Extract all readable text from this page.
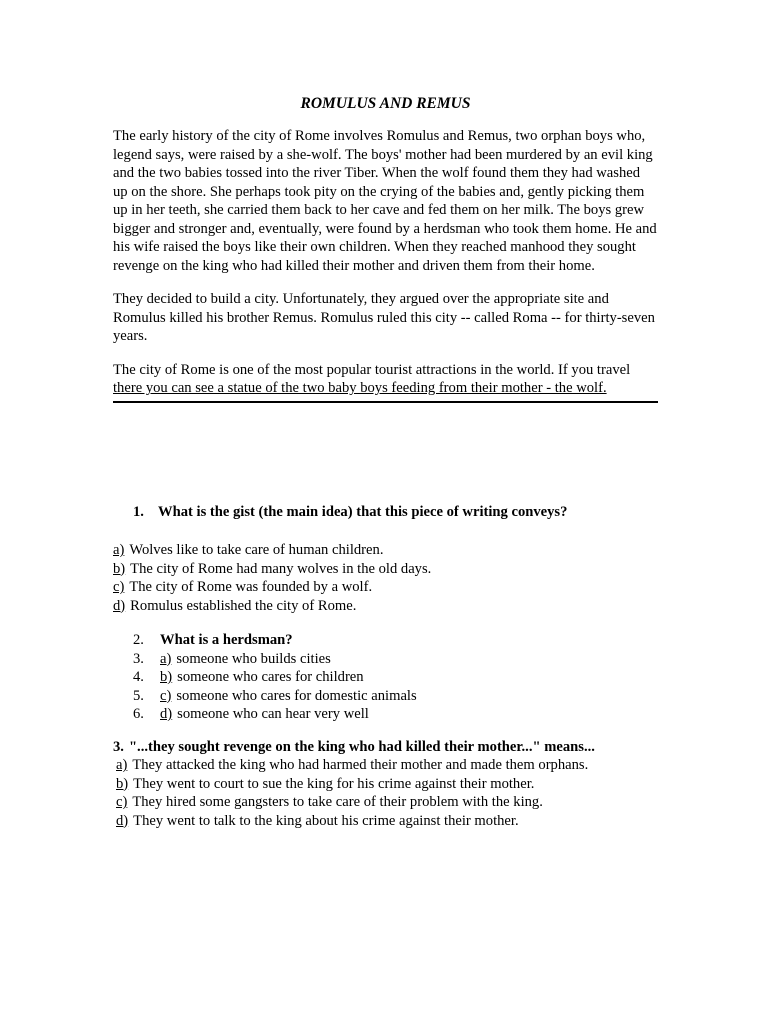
ROMULUS AND REMUS

The early history of the city of Rome involves Romulus and Remus, two orphan boys who, legend says, were raised by a she-wolf. The boys' mother had been murdered by an evil king and the two babies tossed into the river Tiber. When the wolf found them they had washed up on the shore. She perhaps took pity on the crying of the babies and, gently picking them up in her teeth, she carried them back to her cave and fed them on her milk. The boys grew bigger and stronger and, eventually, were found by a herdsman who took them home. He and his wife raised the boys like their own children. When they reached manhood they sought revenge on the king who had killed their mother and driven them from their home.

They decided to build a city. Unfortunately, they argued over the appropriate site and Romulus killed his brother Remus. Romulus ruled this city -- called Roma -- for thirty-seven years.

The city of Rome is one of the most popular tourist attractions in the world. If you travel there you can see a statue of the two baby boys feeding from their mother - the wolf.

1. What is the gist (the main idea) that this piece of writing conveys?
a) Wolves like to take care of human children.
b) The city of Rome had many wolves in the old days.
c) The city of Rome was founded by a wolf.
d) Romulus established the city of Rome.
2.	What is a herdsman?
3.	a) someone who builds cities
4.	b) someone who cares for children
5.	c) someone who cares for domestic animals
6.	d) someone who can hear very well
3. "...they sought revenge on the king who had killed their mother..." means...
a) They attacked the king who had harmed their mother and made them orphans.
b) They went to court to sue the king for his crime against their mother.
c) They hired some gangsters to take care of their problem with the king.
d) They went to talk to the king about his crime against their mother.
